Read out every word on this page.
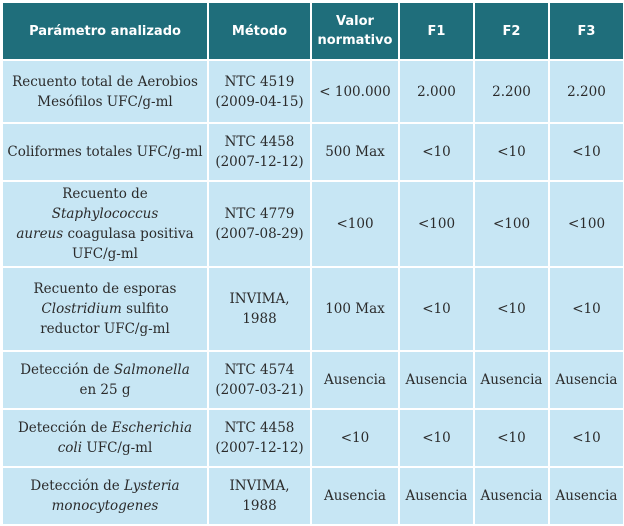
Parámetro analizado	Método	Valor
normativo	F1	F2	F3

Recuento total de Aerobios
Mesófilos UFC/g-ml	NTC 4519
(2009-04-15)	< 100.000	2.000	2.200	2.200

Coliformes totales UFC/g-ml	NTC 4458
(2007-12-12)	500 Max	<10	<10	<10

Recuento de Staphylococcus
aureus coagulasa positiva
UFC/g-ml	NTC 4779
(2007-08-29)	<100	<100	<100	<100

Recuento de esporas
Clostridium sulfito
reductor UFC/g-ml	INVIMA, 1988	100 Max	<10	<10	<10

Detección de Salmonella
en 25 g	NTC 4574
(2007-03-21)	Ausencia	Ausencia	Ausencia	Ausencia

Detección de Escherichia
coli UFC/g-ml	NTC 4458
(2007-12-12)	<10	<10	<10	<10

Detección de Lysteria
monocytogenes	INVIMA, 1988	Ausencia	Ausencia	Ausencia	Ausencia
